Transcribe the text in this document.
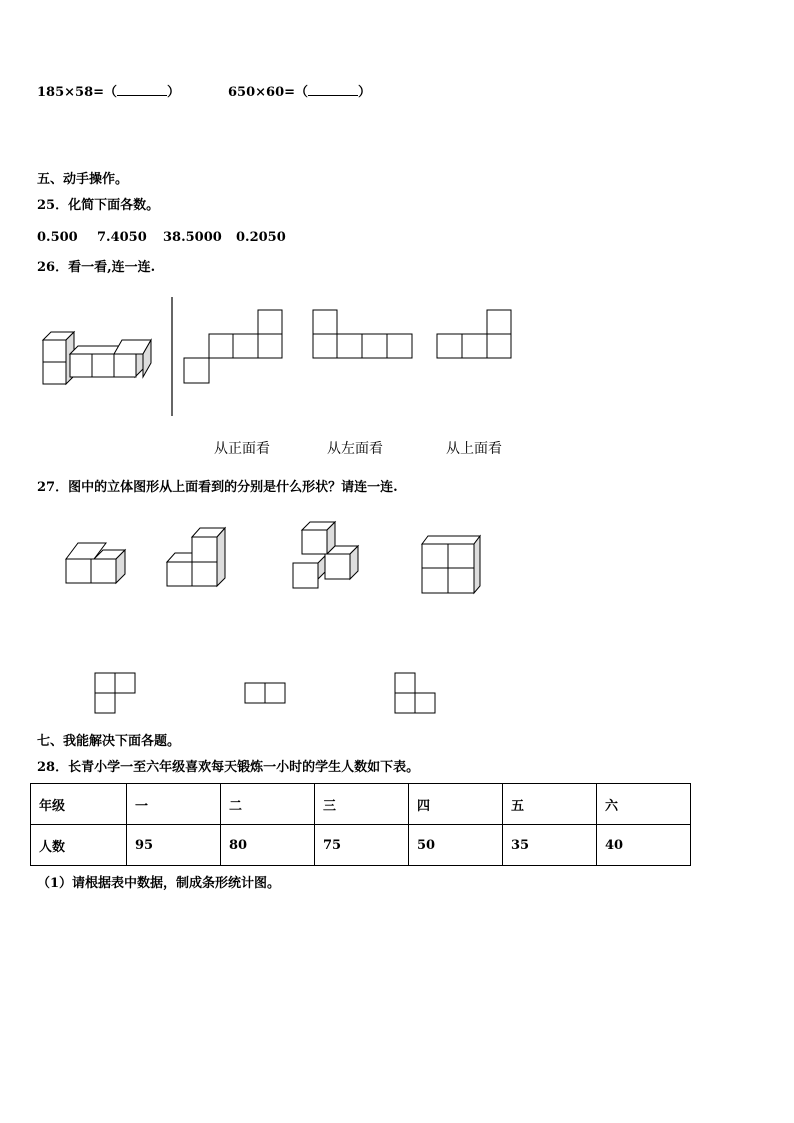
185×58=（	）	650×60=（	）
五、动手操作。
25．化简下面各数。
0.500 7.4050 38.5000 0.2050
26．看一看,连一连.
从正面看	从左面看	从上面看
27．图中的立体图形从上面看到的分别是什么形状？请连一连.
七、我能解决下面各题。
28．长青小学一至六年级喜欢每天锻炼一小时的学生人数如下表。
年级	一	二	三	四	五	六
人数	95	80	75	50	35	40
（1）请根据表中数据，制成条形统计图。
